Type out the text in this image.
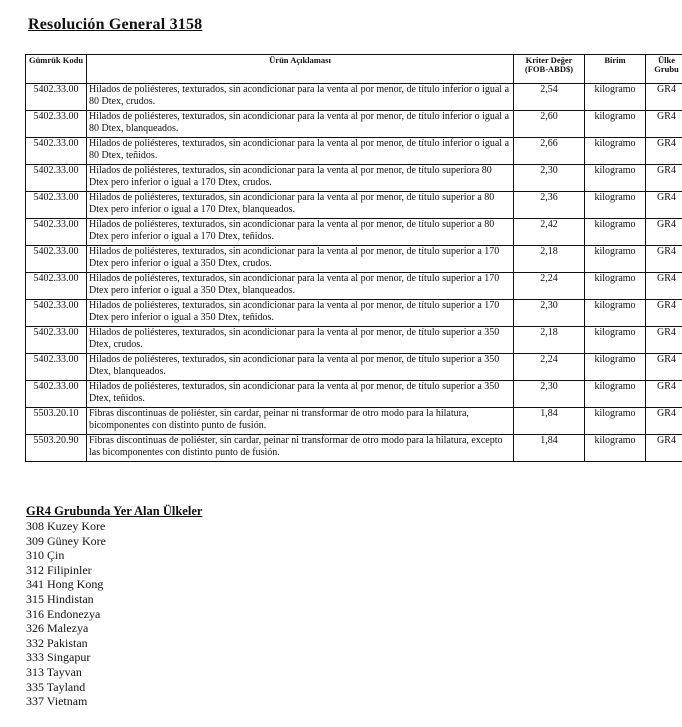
Resolución General 3158
Gümrük Kodu	Ürün Açıklaması	Kriter Değer (FOB-ABD$)	Birim	Ülke Grubu
5402.33.00	Hilados de poliésteres, texturados, sin acondicionar para la venta al por menor, de título inferior o igual a 80 Dtex, crudos.	2,54	kilogramo	GR4
5402.33.00	Hilados de poliésteres, texturados, sin acondicionar para la venta al por menor, de título inferior o igual a 80 Dtex, blanqueados.	2,60	kilogramo	GR4
5402.33.00	Hilados de poliésteres, texturados, sin acondicionar para la venta al por menor, de título inferior o igual a 80 Dtex, teñidos.	2,66	kilogramo	GR4
5402.33.00	Hilados de poliésteres, texturados, sin acondicionar para la venta al por menor, de título superiora 80 Dtex pero inferior o igual a 170 Dtex, crudos.	2,30	kilogramo	GR4
5402.33.00	Hilados de poliésteres, texturados, sin acondicionar para la venta al por menor, de título superior a 80 Dtex pero inferior o igual a 170 Dtex, blanqueados.	2,36	kilogramo	GR4
5402.33.00	Hilados de poliésteres, texturados, sin acondicionar para la venta al por menor, de título superior a 80 Dtex pero inferior o igual a 170 Dtex, teñidos.	2,42	kilogramo	GR4
5402.33.00	Hilados de poliésteres, texturados, sin acondicionar para la venta al por menor, de título superior a 170 Dtex pero inferior o igual a 350 Dtex, crudos.	2,18	kilogramo	GR4
5402.33.00	Hilados de poliésteres, texturados, sin acondicionar para la venta al por menor, de título superior a 170 Dtex pero inferior o igual a 350 Dtex, blanqueados.	2,24	kilogramo	GR4
5402.33.00	Hilados de poliésteres, texturados, sin acondicionar para la venta al por menor, de título superior a 170 Dtex pero inferior o igual a 350 Dtex, teñidos.	2,30	kilogramo	GR4
5402.33.00	Hilados de poliésteres, texturados, sin acondicionar para la venta al por menor, de título superior a 350 Dtex, crudos.	2,18	kilogramo	GR4
5402.33.00	Hilados de poliésteres, texturados, sin acondicionar para la venta al por menor, de título superior a 350 Dtex, blanqueados.	2,24	kilogramo	GR4
5402.33.00	Hilados de poliésteres, texturados, sin acondicionar para la venta al por menor, de título superior a 350 Dtex, teñidos.	2,30	kilogramo	GR4
5503.20.10	Fibras discontinuas de poliéster, sin cardar, peinar ni transformar de otro modo para la hilatura, bicomponentes con distinto punto de fusión.	1,84	kilogramo	GR4
5503.20.90	Fibras discontinuas de poliéster, sin cardar, peinar ni transformar de otro modo para la hilatura, excepto las bicomponentes con distinto punto de fusión.	1,84	kilogramo	GR4
GR4 Grubunda Yer Alan Ülkeler
308 Kuzey Kore
309 Güney Kore
310 Çin
312 Filipinler
341 Hong Kong
315 Hindistan
316 Endonezya
326 Malezya
332 Pakistan
333 Singapur
313 Tayvan
335 Tayland
337 Vietnam
